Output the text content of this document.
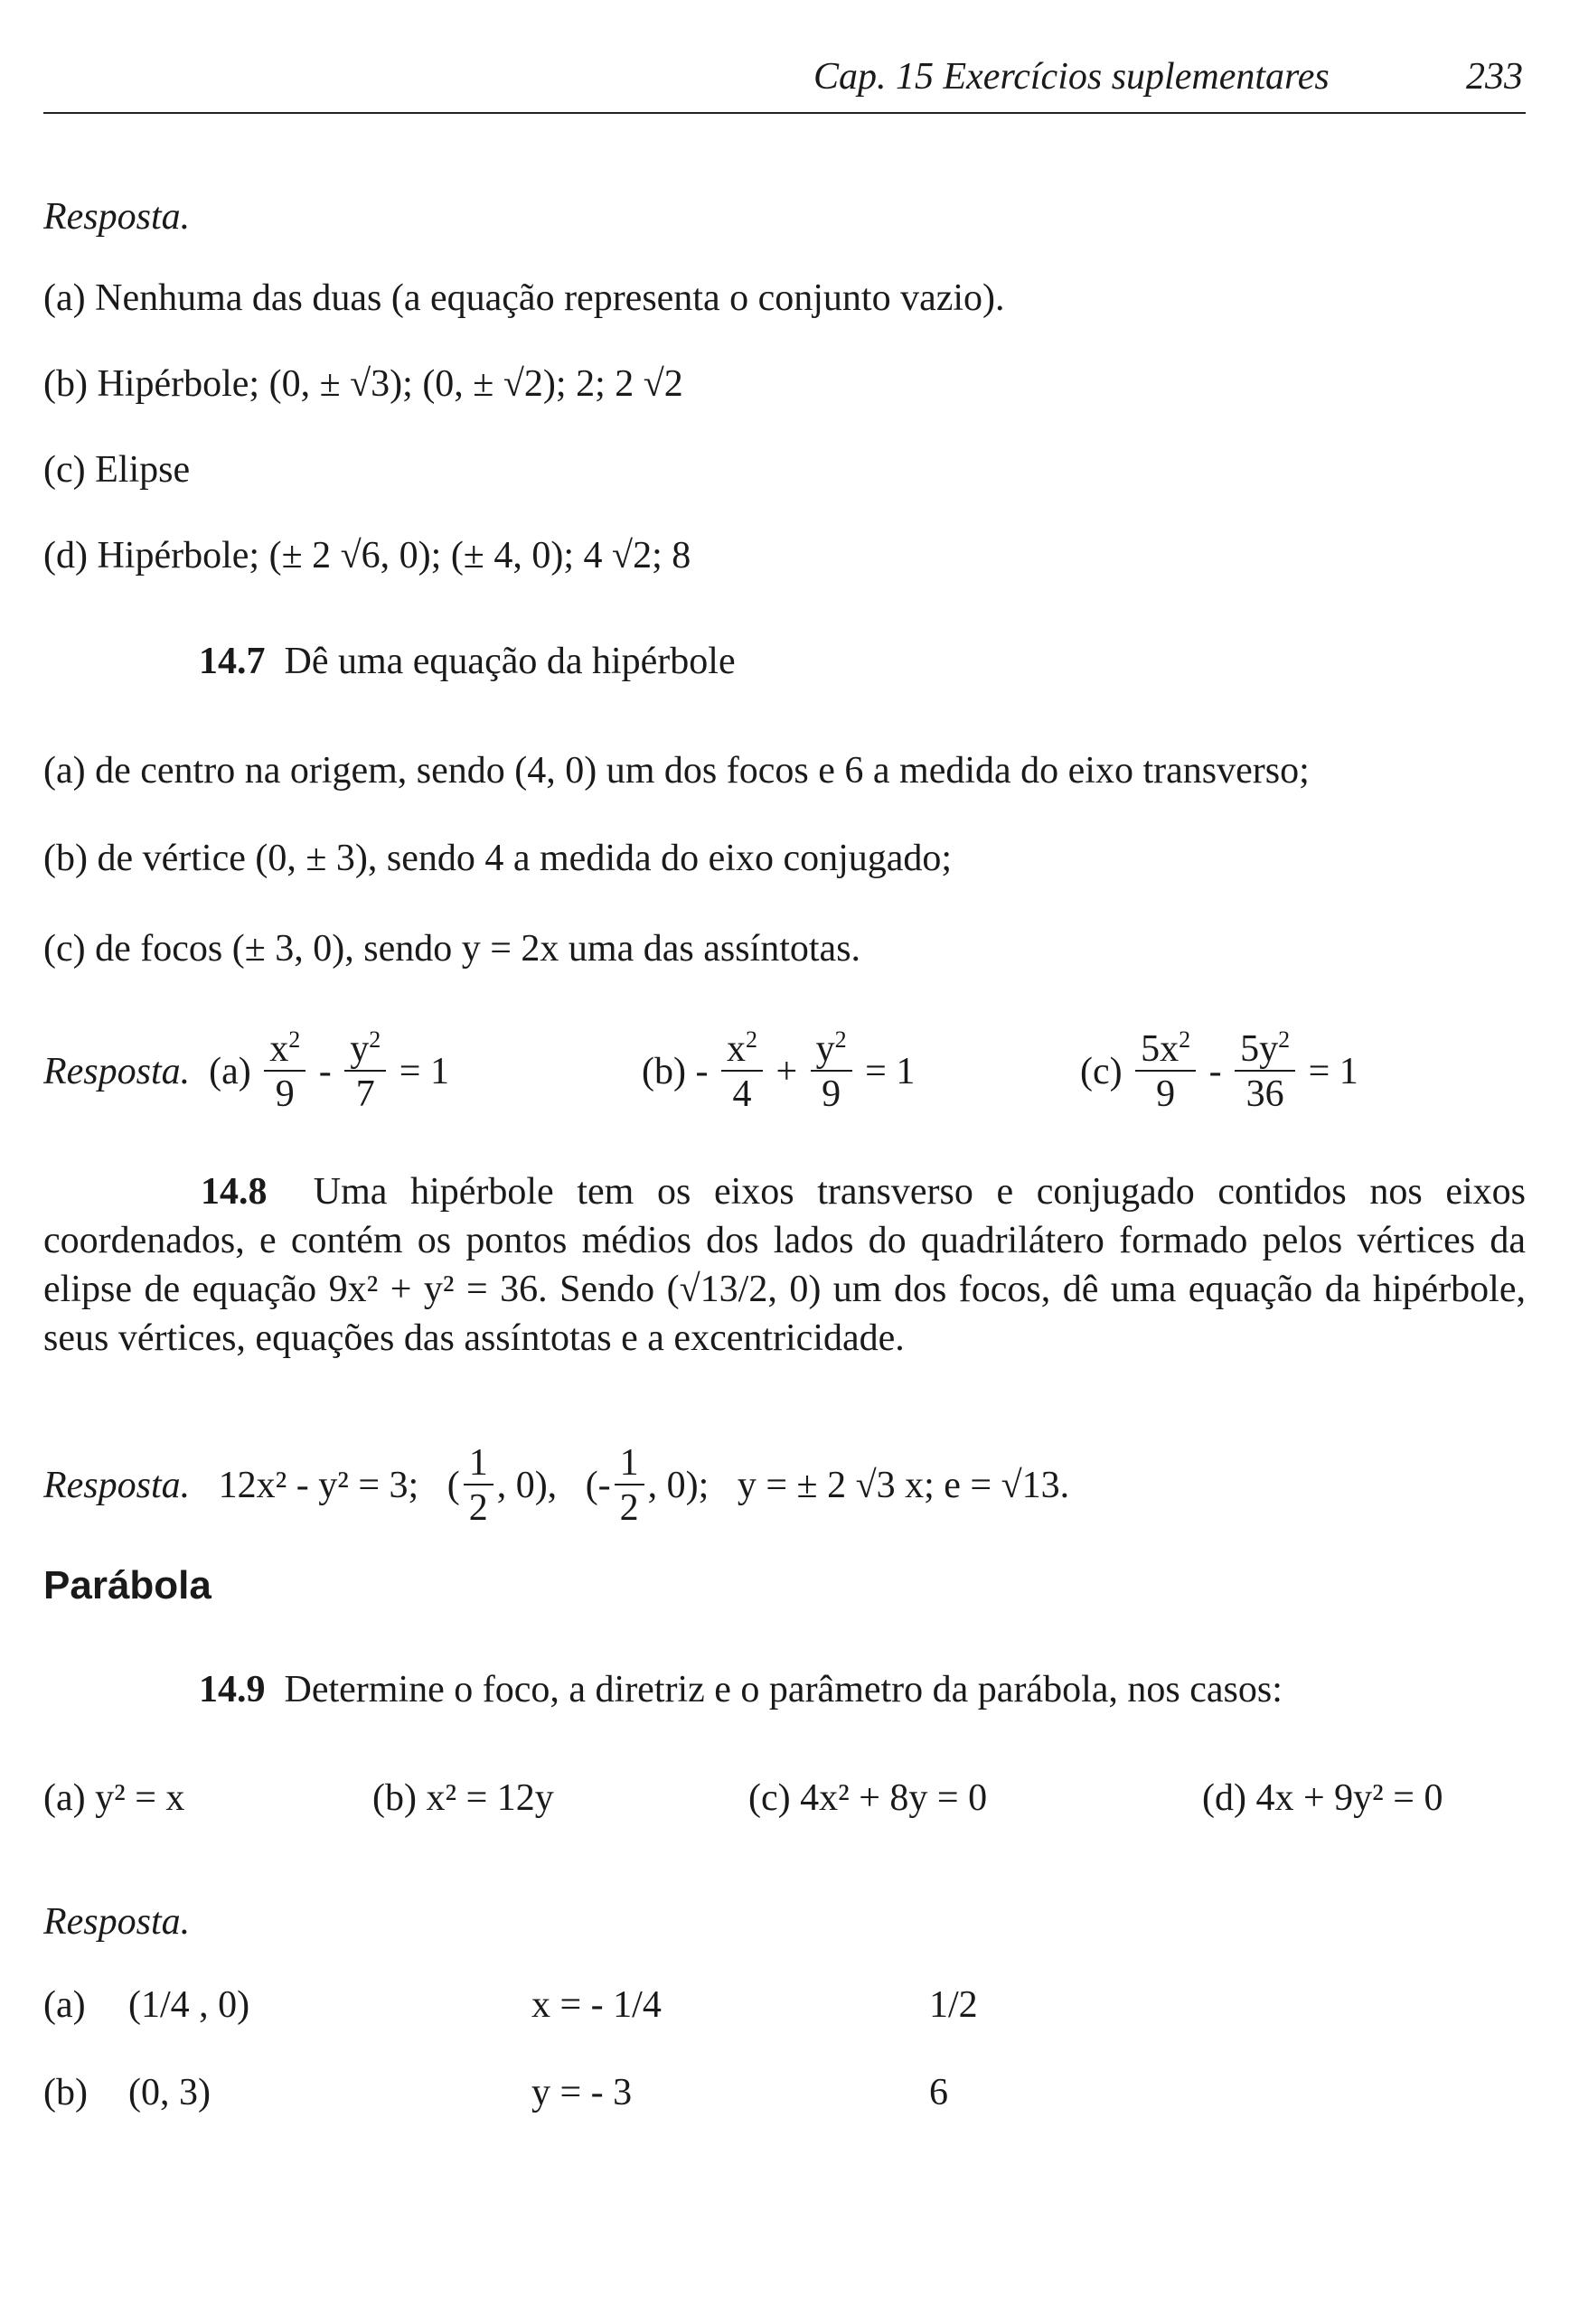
Cap. 15 Exercícios suplementares	233
Resposta.
(a) Nenhuma das duas (a equação representa o conjunto vazio).
(b) Hipérbole; (0, ± √3); (0, ± √2); 2; 2 √2
(c) Elipse
(d) Hipérbole; (± 2 √6, 0); (± 4, 0); 4 √2; 8
14.7 Dê uma equação da hipérbole
(a) de centro na origem, sendo (4, 0) um dos focos e 6 a medida do eixo transverso;
(b) de vértice (0, ± 3), sendo 4 a medida do eixo conjugado;
(c) de focos (± 3, 0), sendo y = 2x uma das assíntotas.
Resposta. $(a) \frac{x^2}{9} - \frac{y^2}{7} = 1$	$(b) - \frac{x^2}{4} + \frac{y^2}{9} = 1$	$(c) \frac{5x^2}{9} - \frac{5y^2}{36} = 1$
14.8 Uma hipérbole tem os eixos transverso e conjugado contidos nos eixos coordenados, e contém os pontos médios dos lados do quadrilátero formado pelos vértices da elipse de equação 9x² + y² = 36. Sendo (√13/2, 0) um dos focos, dê uma equação da hipérbole, seus vértices, equações das assíntotas e a excentricidade.
Resposta. 12x² - y² = 3; ( $\frac{1}{2}$ , 0), (- $\frac{1}{2}$ , 0); y = ± 2 √3 x; e = √13.
Parábola
14.9 Determine o foco, a diretriz e o parâmetro da parábola, nos casos:
(a) y² = x	(b) x² = 12y	(c) 4x² + 8y = 0	(d) 4x + 9y² = 0
Resposta.
(a) (1/4 , 0)	x = - 1/4	1/2
(b) (0, 3)	y = - 3	6
